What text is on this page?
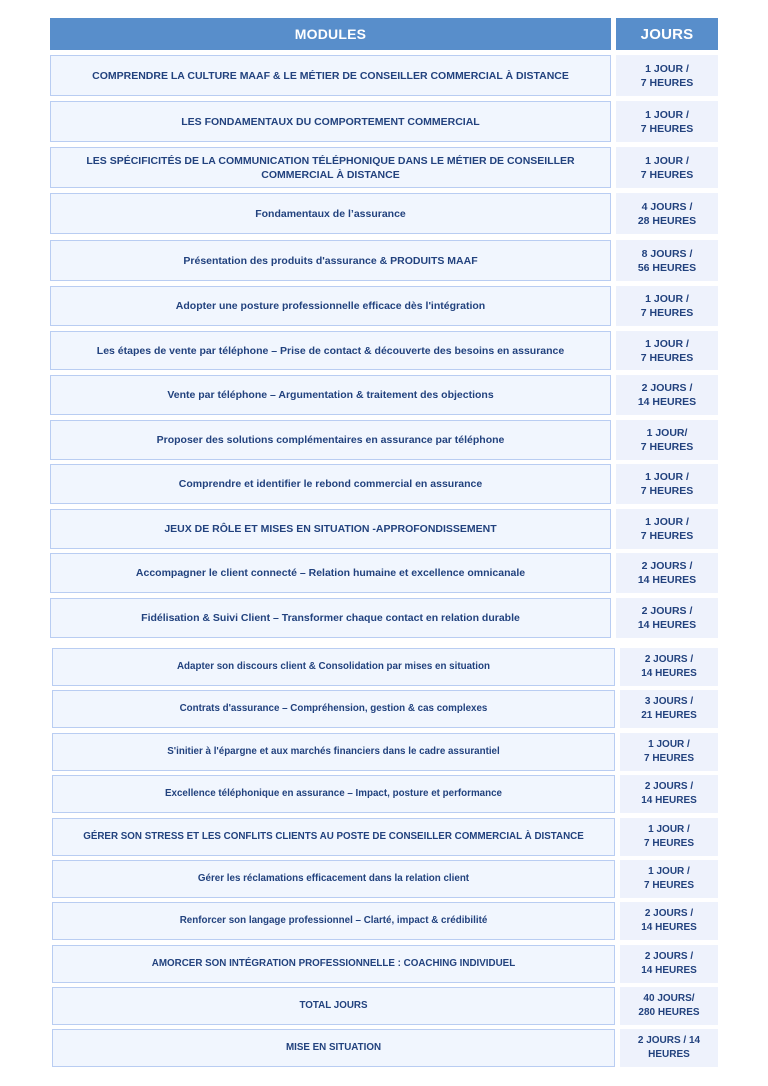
MODULES	JOURS
COMPRENDRE LA CULTURE MAAF & LE MÉTIER DE CONSEILLER COMMERCIAL À DISTANCE
1 JOUR /
7 HEURES
LES FONDAMENTAUX DU COMPORTEMENT COMMERCIAL
1 JOUR /
7 HEURES
LES SPÉCIFICITÉS DE LA COMMUNICATION TÉLÉPHONIQUE DANS LE MÉTIER DE CONSEILLER COMMERCIAL À DISTANCE
1 JOUR /
7 HEURES
Fondamentaux de l’assurance
4 JOURS /
28 HEURES
Présentation des produits d'assurance & PRODUITS MAAF
8 JOURS /
56 HEURES
Adopter une posture professionnelle efficace dès l'intégration
1 JOUR /
7 HEURES
Les étapes de vente par téléphone – Prise de contact & découverte des besoins en assurance
1 JOUR /
7 HEURES
Vente par téléphone – Argumentation & traitement des objections
2 JOURS /
14 HEURES
Proposer des solutions complémentaires en assurance par téléphone
1 JOUR/
7 HEURES
Comprendre et identifier le rebond commercial en assurance
1 JOUR /
7 HEURES
JEUX DE RÔLE ET MISES EN SITUATION -APPROFONDISSEMENT
1 JOUR /
7 HEURES
Accompagner le client connecté – Relation humaine et excellence omnicanale
2 JOURS /
14 HEURES
Fidélisation & Suivi Client – Transformer chaque contact en relation durable
2 JOURS /
14 HEURES
Adapter son discours client & Consolidation par mises en situation
2 JOURS /
14 HEURES
Contrats d'assurance – Compréhension, gestion & cas complexes
3 JOURS /
21 HEURES
S'initier à l'épargne et aux marchés financiers dans le cadre assurantiel
1 JOUR /
7 HEURES
Excellence téléphonique en assurance – Impact, posture et performance
2 JOURS /
14 HEURES
GÉRER SON STRESS ET LES CONFLITS CLIENTS AU POSTE DE CONSEILLER COMMERCIAL À DISTANCE
1 JOUR /
7 HEURES
Gérer les réclamations efficacement dans la relation client
1 JOUR /
7 HEURES
Renforcer son langage professionnel – Clarté, impact & crédibilité
2 JOURS /
14 HEURES
AMORCER SON INTÉGRATION PROFESSIONNELLE : COACHING INDIVIDUEL
2 JOURS /
14 HEURES
TOTAL JOURS
40 JOURS/
280 HEURES
MISE EN SITUATION
2 JOURS / 14
HEURES
